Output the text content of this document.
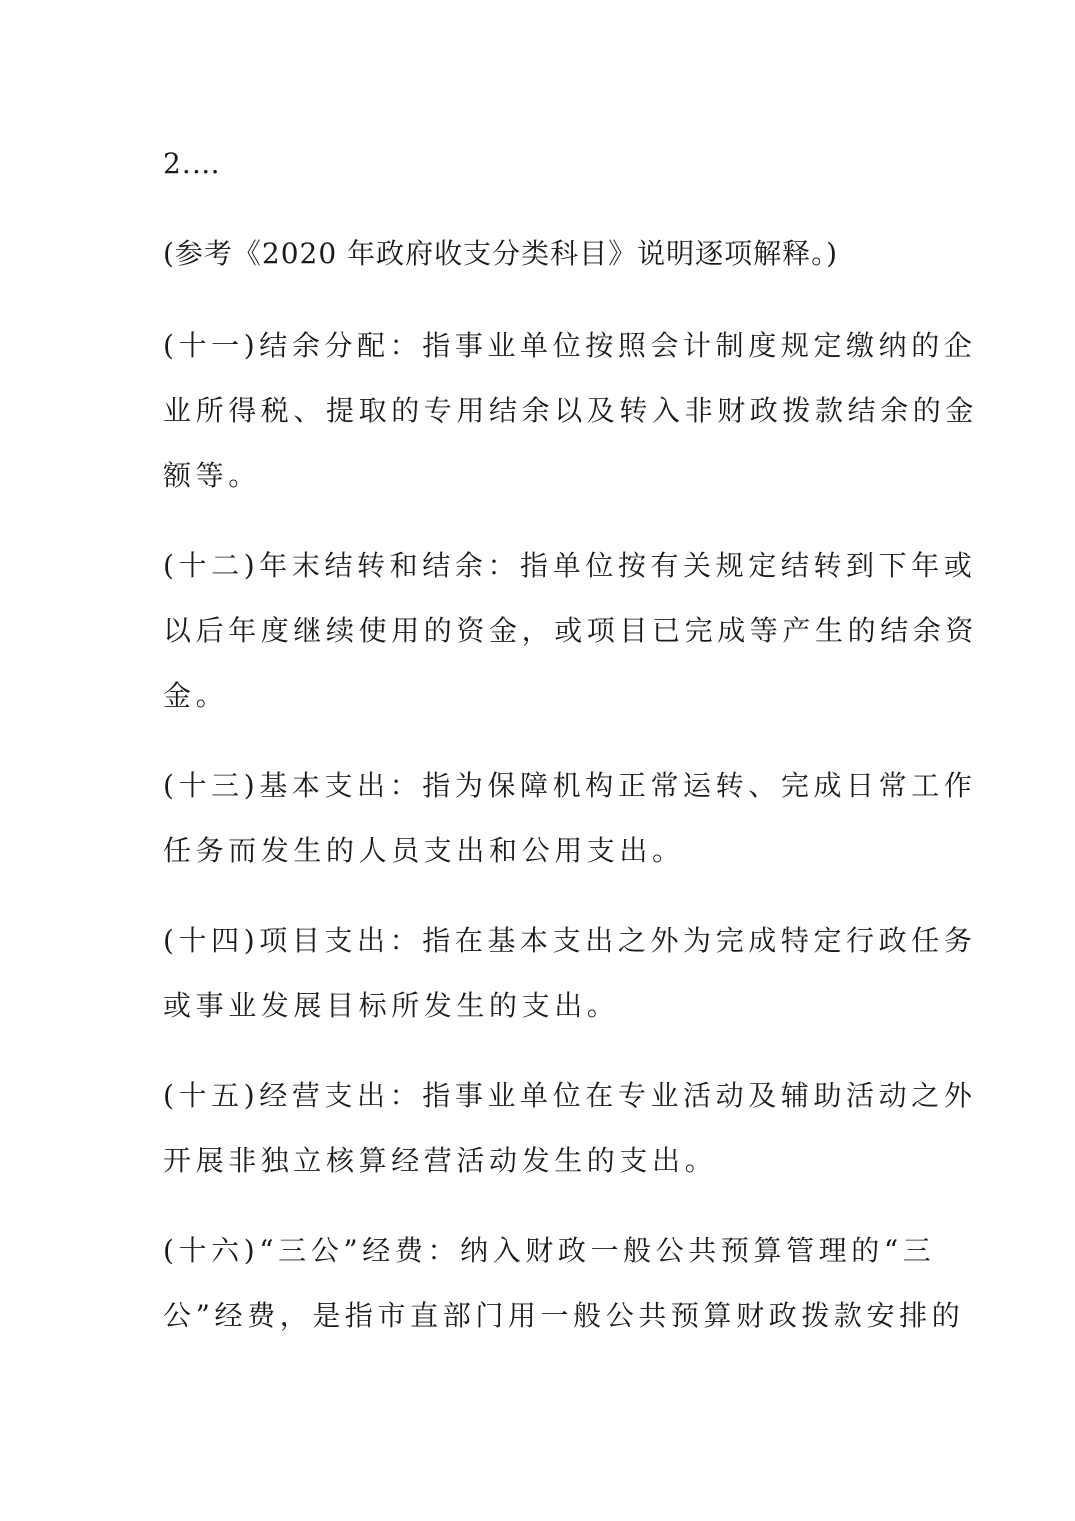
2.…
(参考《2020 年政府收支分类科目》说明逐项解释。)
(十一)结余分配：指事业单位按照会计制度规定缴纳的企
业所得税、提取的专用结余以及转入非财政拨款结余的金
额等。
(十二)年末结转和结余：指单位按有关规定结转到下年或
以后年度继续使用的资金，或项目已完成等产生的结余资
金。
(十三)基本支出：指为保障机构正常运转、完成日常工作
任务而发生的人员支出和公用支出。
(十四)项目支出：指在基本支出之外为完成特定行政任务
或事业发展目标所发生的支出。
(十五)经营支出：指事业单位在专业活动及辅助活动之外
开展非独立核算经营活动发生的支出。
(十六)“三公”经费：纳入财政一般公共预算管理的“三
公”经费，是指市直部门用一般公共预算财政拨款安排的
